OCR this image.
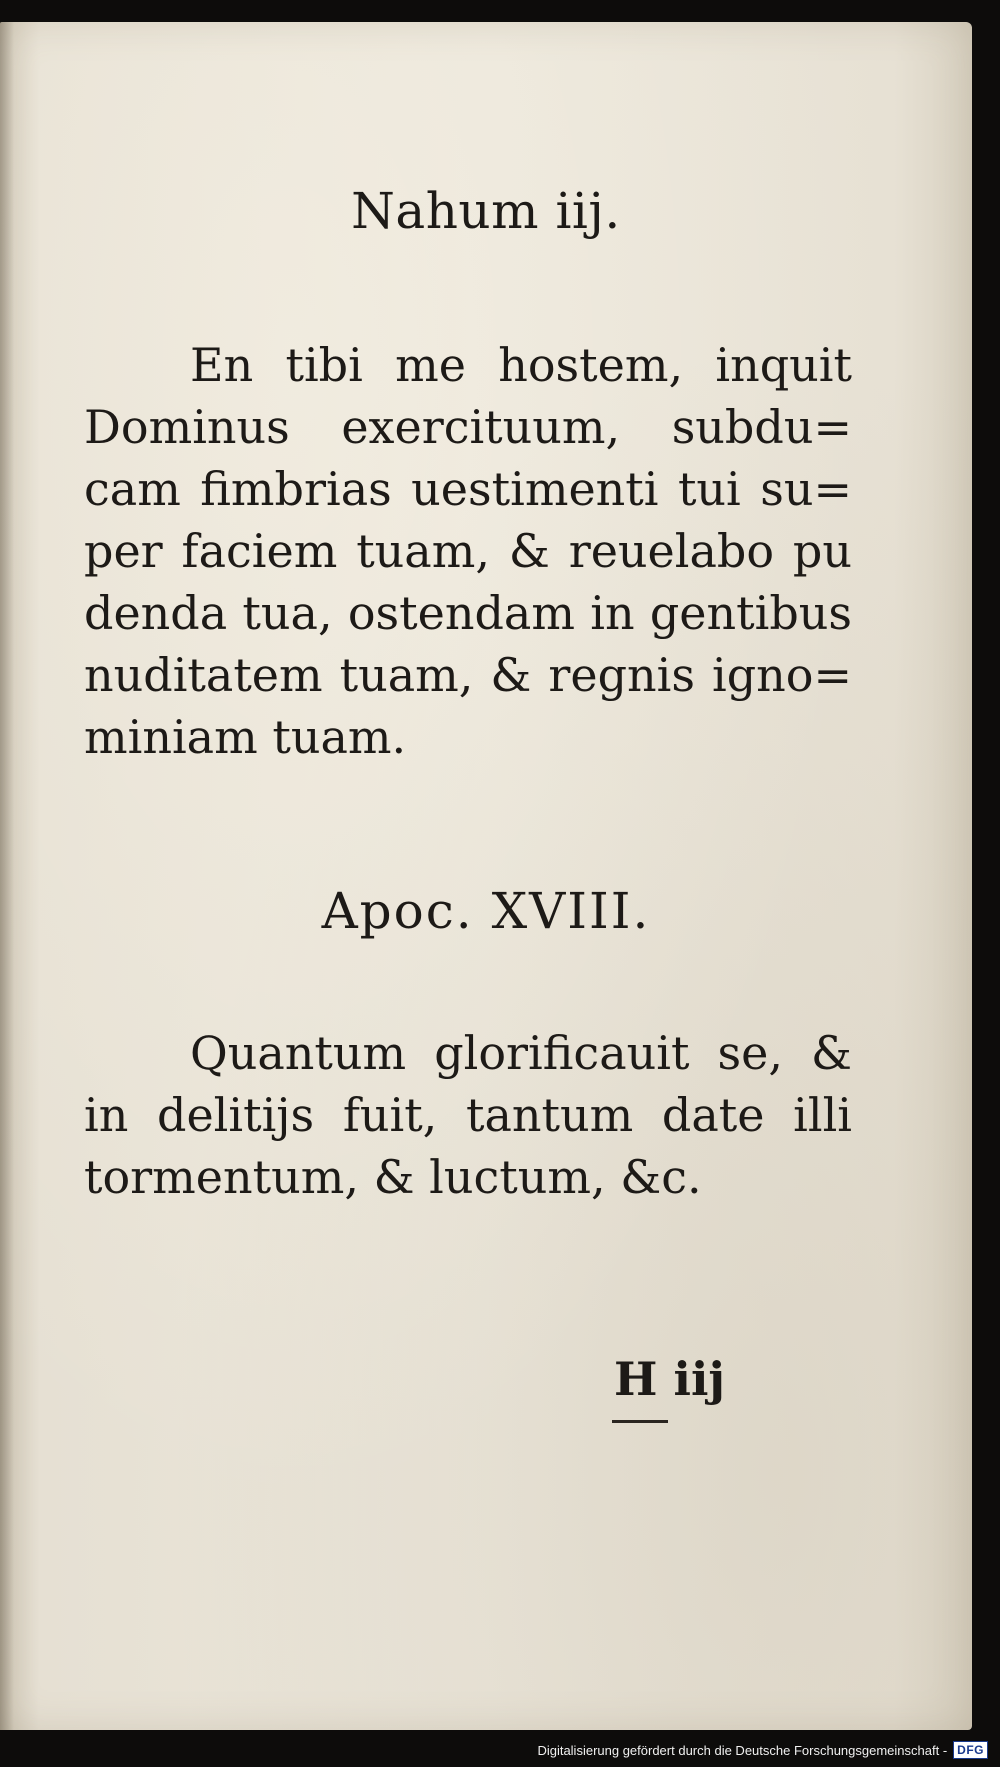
Nahum iij.
En tibi me hostem, inquit
Dominus exercituum, subdu=
cam fimbrias uestimenti tui su=
per faciem tuam, & reuelabo pu
denda tua, ostendam in gentibus
nuditatem tuam, & regnis igno=
miniam tuam.
Apoc. XVIII.
Quantum glorificauit se, &
in delitijs fuit, tantum date illi
tormentum, & luctum, &c.
H iij
Digitalisierung gefördert durch die Deutsche Forschungsgemeinschaft - DFG
